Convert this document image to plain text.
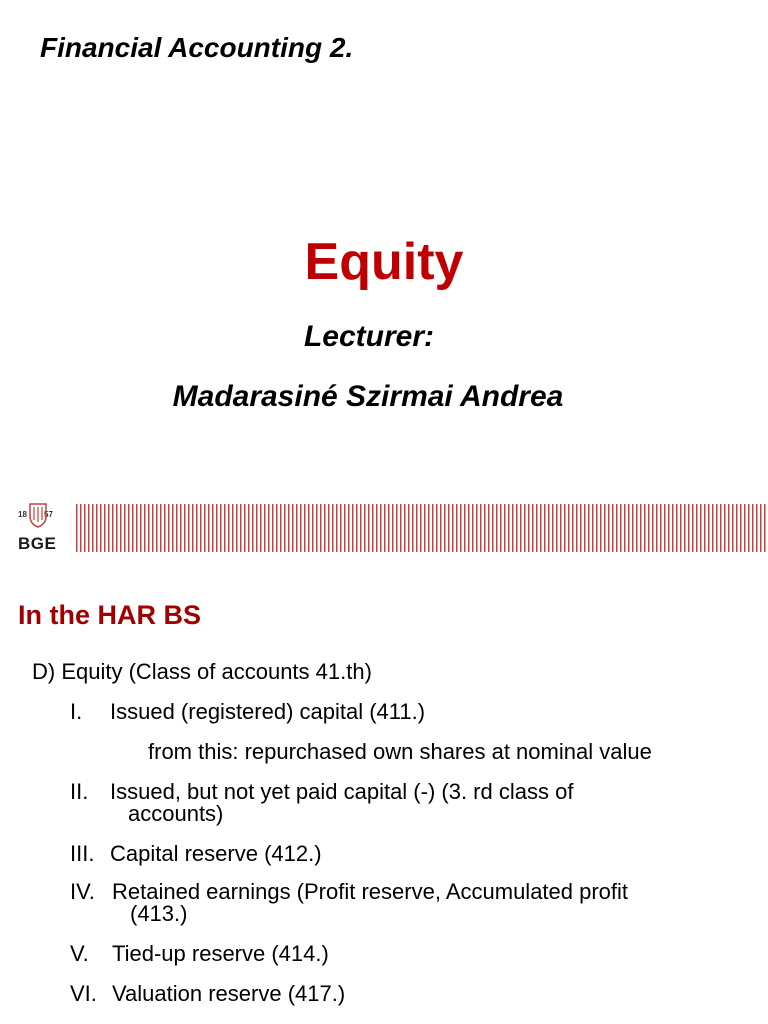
Financial Accounting 2.
Equity
Lecturer:
Madarasiné Szirmai Andrea
18 57
BGE
In the HAR BS
D) Equity (Class of accounts 41.th)
I. Issued (registered) capital (411.)
from this: repurchased own shares at nominal value
II. Issued, but not yet paid capital (-) (3. rd class of
accounts)
III. Capital reserve (412.)
IV. Retained earnings (Profit reserve, Accumulated profit
(413.)
V. Tied-up reserve (414.)
VI. Valuation reserve (417.)
